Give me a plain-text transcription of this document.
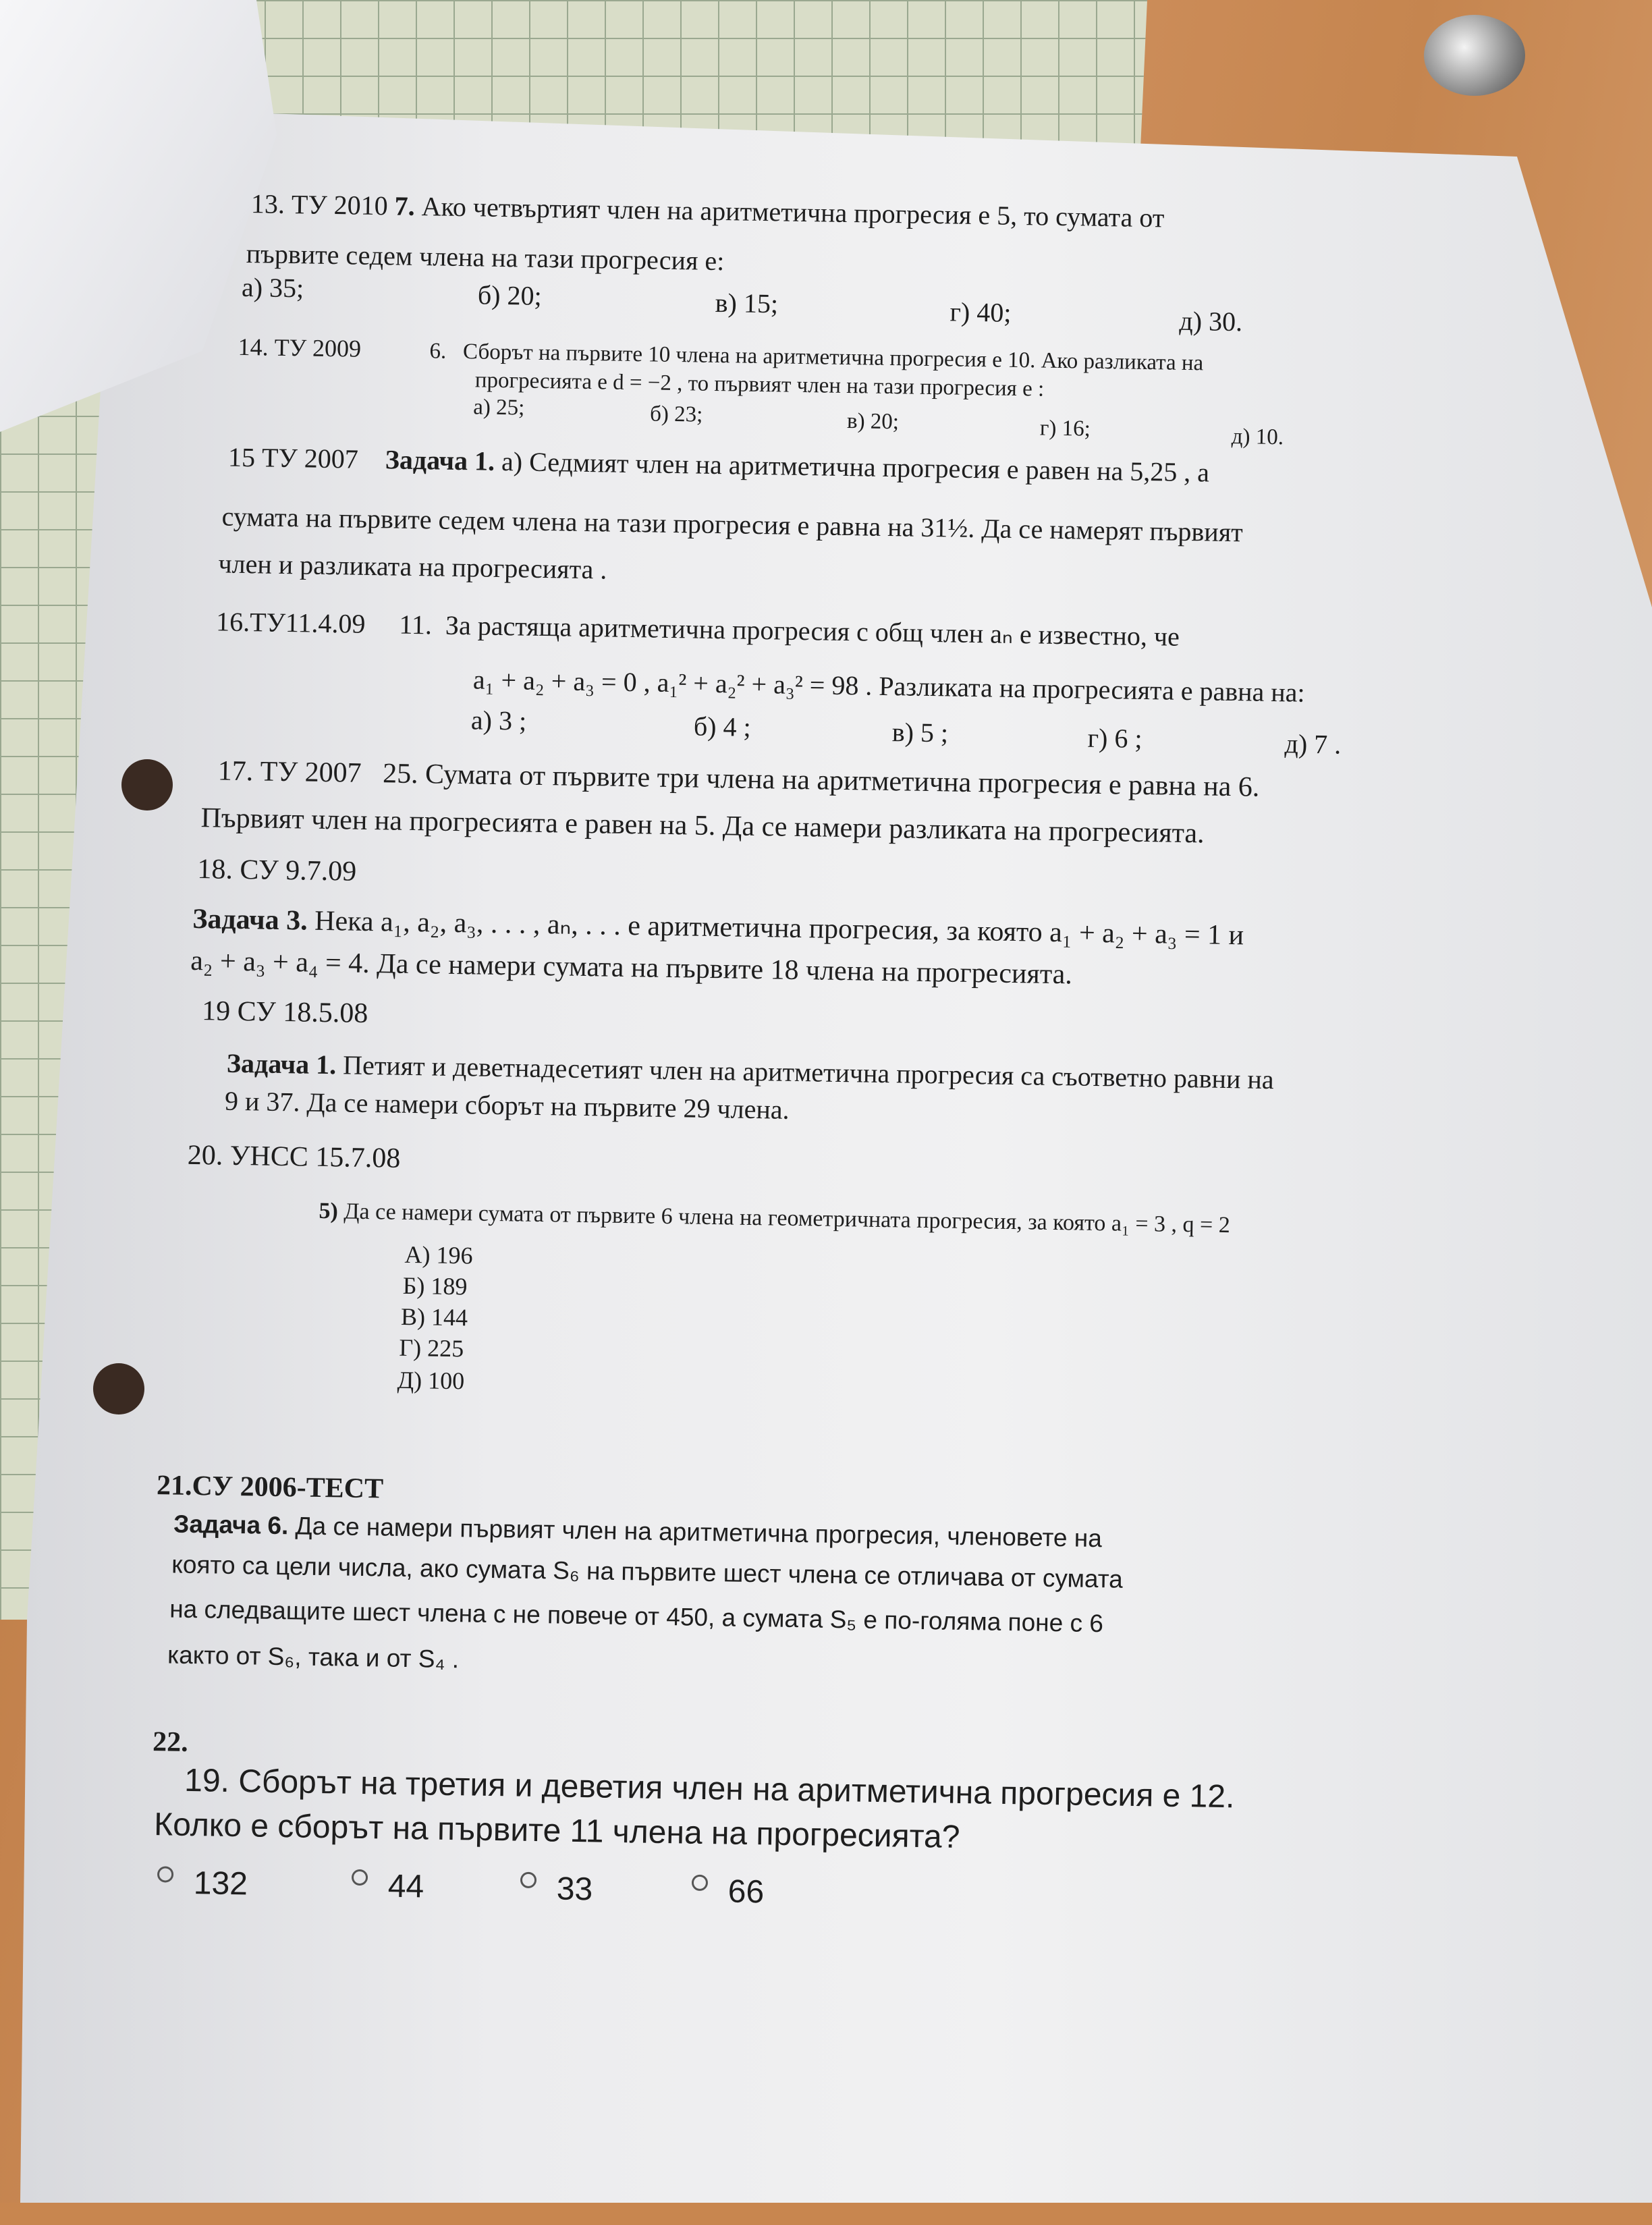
13. ТУ 2010 7. Ако четвъртият член на аритметична прогресия е 5, то сумата от
първите седем члена на тази прогресия е:
а) 35;	б) 20;	в) 15;	г) 40;	д) 30.
14. ТУ 2009	6. Сборът на първите 10 члена на аритметична прогресия е 10. Ако разликата на
прогресията е d = −2 , то първият член на тази прогресия е :
а) 25;	б) 23;	в) 20;	г) 16;	д) 10.
15 ТУ 2007 Задача 1. а) Седмият член на аритметична прогресия е равен на 5,25 , а
сумата на първите седем члена на тази прогресия е равна на 31½. Да се намерят първият
член и разликата на прогресията .
16.ТУ11.4.09 11. За растяща аритметична прогресия с общ член aₙ е известно, че
a₁ + a₂ + a₃ = 0 , a₁² + a₂² + a₃² = 98 . Разликата на прогресията е равна на:
а) 3 ;	б) 4 ;	в) 5 ;	г) 6 ;	д) 7 .
17. ТУ 2007 25. Сумата от първите три члена на аритметична прогресия е равна на 6.
Първият член на прогресията е равен на 5. Да се намери разликата на прогресията.
18. СУ 9.7.09
Задача 3. Нека a₁, a₂, a₃, . . . , aₙ, . . . е аритметична прогресия, за която a₁ + a₂ + a₃ = 1 и
a₂ + a₃ + a₄ = 4. Да се намери сумата на първите 18 члена на прогресията.
19 СУ 18.5.08
Задача 1. Петият и деветнадесетият член на аритметична прогресия са съответно равни на
9 и 37. Да се намери сборът на първите 29 члена.
20. УНСС 15.7.08
5) Да се намери сумата от първите 6 члена на геометричната прогресия, за която a₁ = 3 , q = 2
А) 196
Б) 189
В) 144
Г) 225
Д) 100
21.СУ 2006-ТЕСТ
Задача 6. Да се намери първият член на аритметична прогресия, членовете на
която са цели числа, ако сумата S₆ на първите шест члена се отличава от сумата
на следващите шест члена с не повече от 450, а сумата S₅ е по-голяма поне с 6
както от S₆, така и от S₄ .
22.
19. Сборът на третия и деветия член на аритметична прогресия е 12.
Колко е сборът на първите 11 члена на прогресията?
132	44	33	66
